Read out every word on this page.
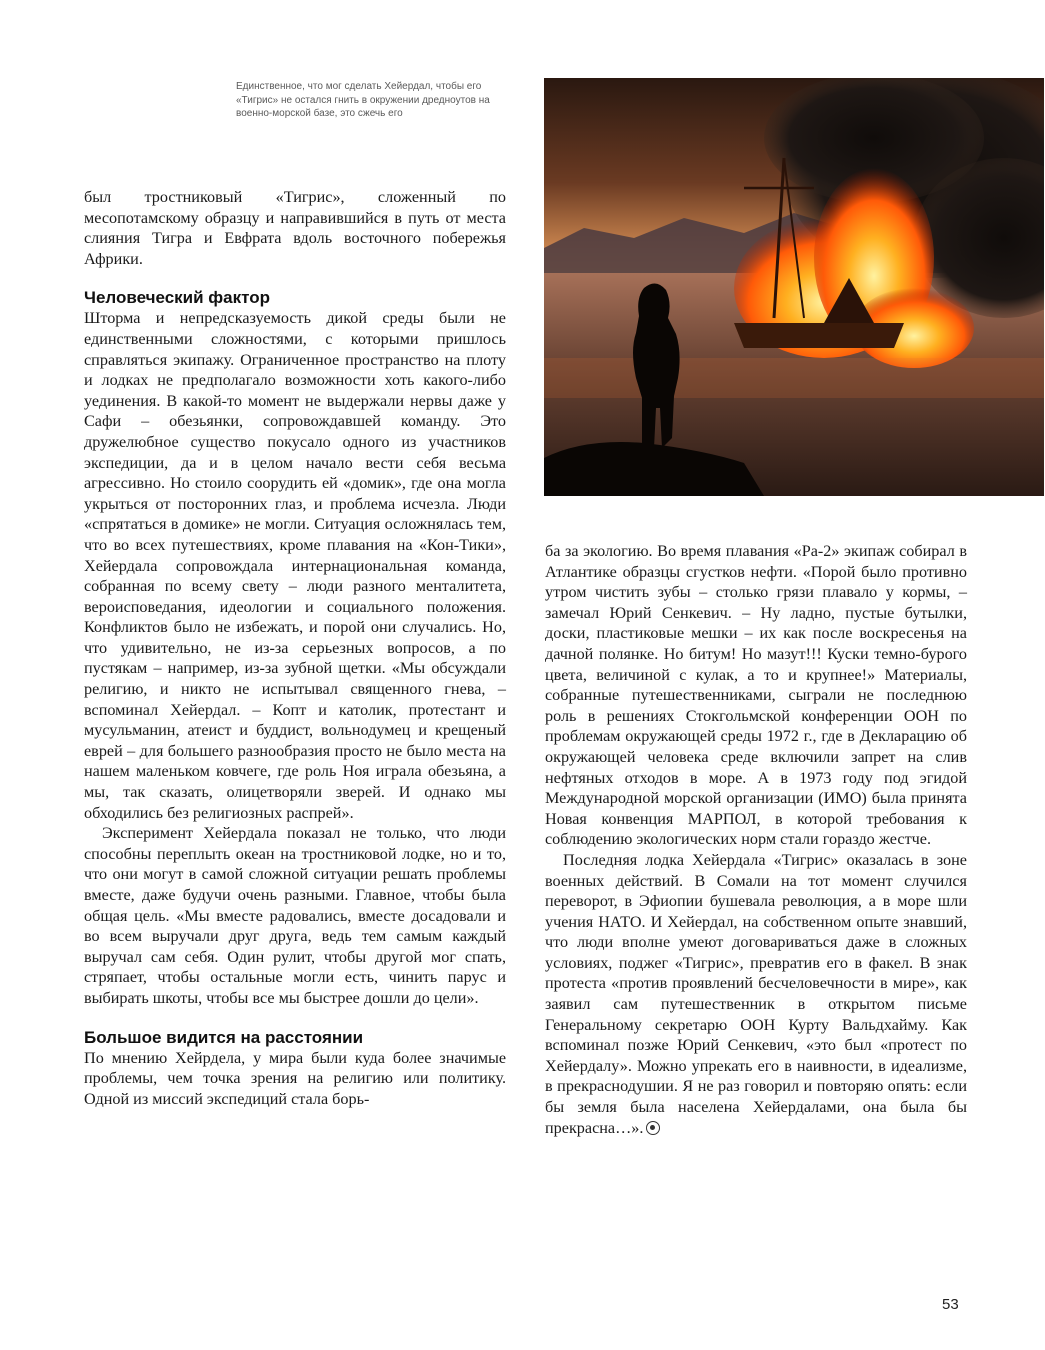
Единственное, что мог сделать Хейердал, чтобы его «Тигрис» не остался гнить в окружении дредноутов на военно-морской базе, это сжечь его

был тростниковый «Тигрис», сложенный по месопотамскому образцу и направившийся в путь от места слияния Тигра и Евфрата вдоль восточного побережья Африки.

Человеческий фактор

Шторма и непредсказуемость дикой среды были не единственными сложностями, с которыми пришлось справляться экипажу. Ограниченное пространство на плоту и лодках не предполагало возможности хоть какого-либо уединения. В какой-то момент не выдержали нервы даже у Сафи – обезьянки, сопровождавшей команду. Это дружелюбное существо покусало одного из участников экспедиции, да и в целом начало вести себя весьма агрессивно. Но стоило соорудить ей «домик», где она могла укрыться от посторонних глаз, и проблема исчезла. Люди «спрятаться в домике» не могли. Ситуация осложнялась тем, что во всех путешествиях, кроме плавания на «Кон-Тики», Хейердала сопровождала интернациональная команда, собранная по всему свету – люди разного менталитета, вероисповедания, идеологии и социального положения. Конфликтов было не избежать, и порой они случались. Но, что удивительно, не из-за серьезных вопросов, а по пустякам – например, из-за зубной щетки. «Мы обсуждали религию, и никто не испытывал священного гнева, – вспоминал Хейердал. – Копт и католик, протестант и мусульманин, атеист и буддист, вольнодумец и крещеный еврей – для большего разнообразия просто не было места на нашем маленьком ковчеге, где роль Ноя играла обезьяна, а мы, так сказать, олицетворяли зверей. И однако мы обходились без религиозных распрей».

Эксперимент Хейердала показал не только, что люди способны переплыть океан на тростниковой лодке, но и то, что они могут в самой сложной ситуации решать проблемы вместе, даже будучи очень разными. Главное, чтобы была общая цель. «Мы вместе радовались, вместе досадовали и во всем выручали друг друга, ведь тем самым каждый выручал сам себя. Один рулит, чтобы другой мог спать, стряпает, чтобы остальные могли есть, чинить парус и выбирать шкоты, чтобы все мы быстрее дошли до цели».

Большое видится на расстоянии

По мнению Хейрдела, у мира были куда более значимые проблемы, чем точка зрения на религию или политику. Одной из миссий экспедиций стала борь-

ба за экологию. Во время плавания «Ра-2» экипаж собирал в Атлантике образцы сгустков нефти. «Порой было противно утром чистить зубы – столько грязи плавало у кормы, – замечал Юрий Сенкевич. – Ну ладно, пустые бутылки, доски, пластиковые мешки – их как после воскресенья на дачной полянке. Но битум! Но мазут!!! Куски темно-бурого цвета, величиной с кулак, а то и крупнее!» Материалы, собранные путешественниками, сыграли не последнюю роль в решениях Стокгольмской конференции ООН по проблемам окружающей среды 1972 г., где в Декларацию об окружающей человека среде включили запрет на слив нефтяных отходов в море. А в 1973 году под эгидой Международной морской организации (ИМО) была принята Новая конвенция МАРПОЛ, в которой требования к соблюдению экологических норм стали гораздо жестче.

Последняя лодка Хейердала «Тигрис» оказалась в зоне военных действий. В Сомали на тот момент случился переворот, в Эфиопии бушевала революция, а в море шли учения НАТО. И Хейердал, на собственном опыте знавший, что люди вполне умеют договариваться даже в сложных условиях, поджег «Тигрис», превратив его в факел. В знак протеста «против проявлений бесчеловечности в мире», как заявил сам путешественник в открытом письме Генеральному секретарю ООН Курту Вальдхайму. Как вспоминал позже Юрий Сенкевич, «это был «протест по Хейердалу». Можно упрекать его в наивности, в идеализме, в прекраснодушии. Я не раз говорил и повторяю опять: если бы земля была населена Хейердалами, она была бы прекрасна…».

53
